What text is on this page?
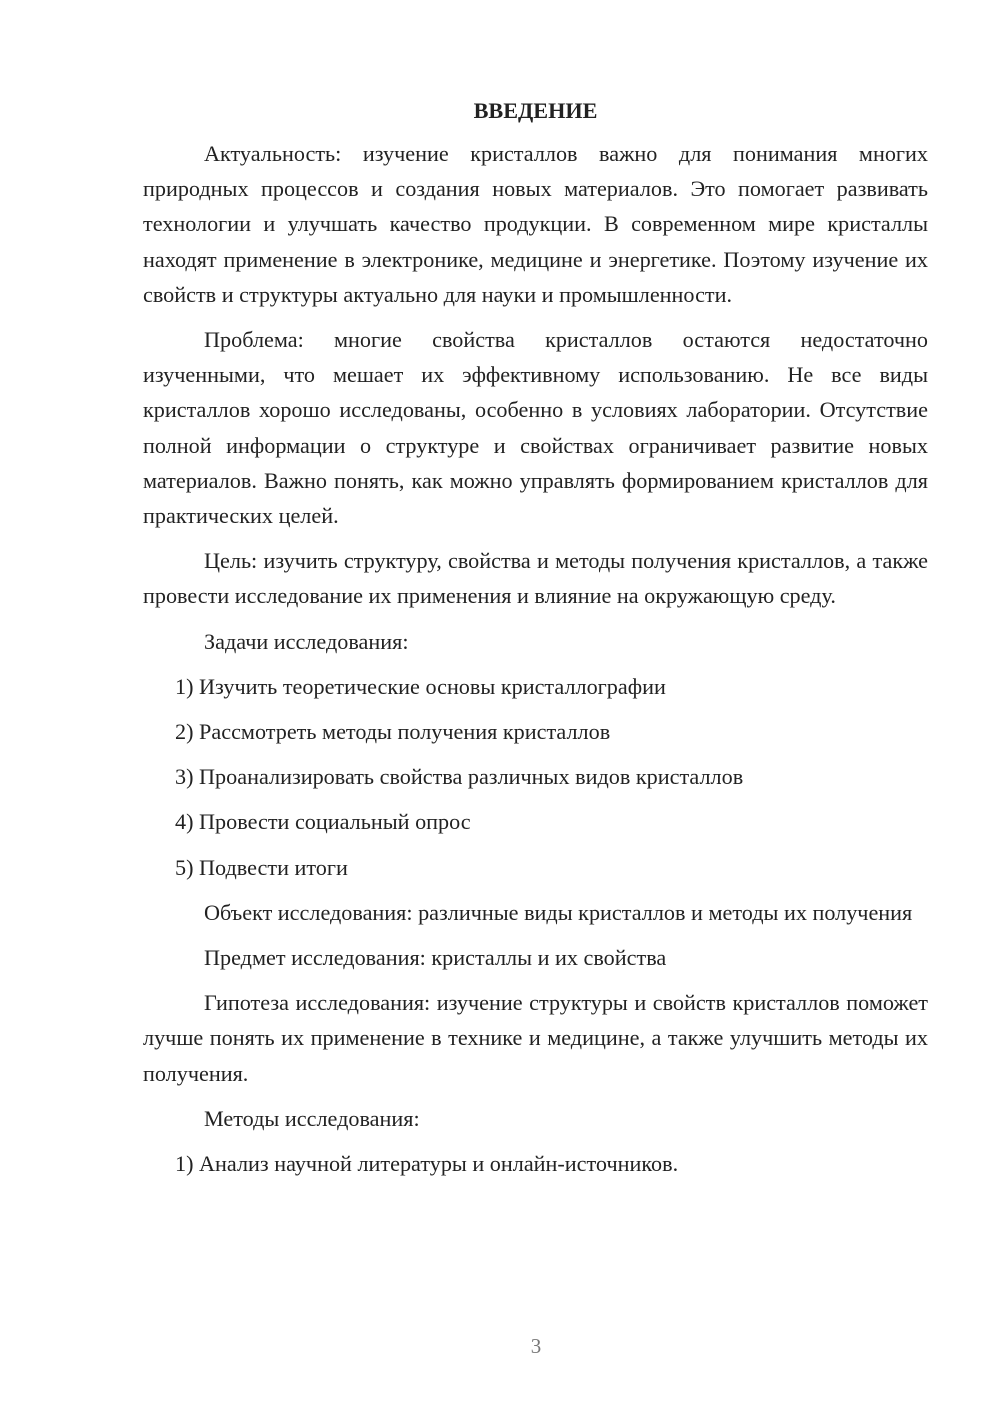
ВВЕДЕНИЕ

Актуальность: изучение кристаллов важно для понимания многих природных процессов и создания новых материалов. Это помогает развивать технологии и улучшать качество продукции. В современном мире кристаллы находят применение в электронике, медицине и энергетике. Поэтому изучение их свойств и структуры актуально для науки и промышленности.

Проблема: многие свойства кристаллов остаются недостаточно изученными, что мешает их эффективному использованию. Не все виды кристаллов хорошо исследованы, особенно в условиях лаборатории. Отсутствие полной информации о структуре и свойствах ограничивает развитие новых материалов. Важно понять, как можно управлять формированием кристаллов для практических целей.

Цель: изучить структуру, свойства и методы получения кристаллов, а также провести исследование их применения и влияние на окружающую среду.

Задачи исследования:

1) Изучить теоретические основы кристаллографии

2) Рассмотреть методы получения кристаллов

3) Проанализировать свойства различных видов кристаллов

4) Провести социальный опрос

5) Подвести итоги

Объект исследования: различные виды кристаллов и методы их получения

Предмет исследования: кристаллы и их свойства

Гипотеза исследования: изучение структуры и свойств кристаллов поможет лучше понять их применение в технике и медицине, а также улучшить методы их получения.

Методы исследования:

1) Анализ научной литературы и онлайн-источников.

3
